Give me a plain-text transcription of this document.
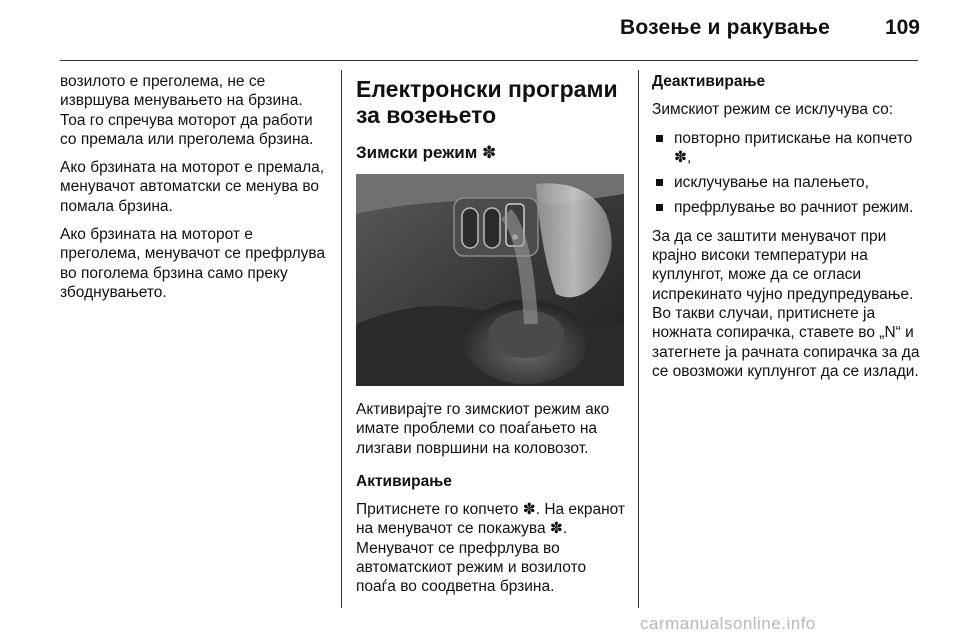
Возење и ракување	109

возилото е преголема, не се извршува менувањето на брзина. Тоа го спречува моторот да работи со премала или преголема брзина.

Ако брзината на моторот е премала, менувачот автоматски се менува во помала брзина.

Ако брзината на моторот е преголема, менувачот се префрлува во поголема брзина само преку збоднувањето.

Електронски програми за возењето
Зимски режим ✽
✽

Активирајте го зимскиот режим ако имате проблеми со поаѓањето на лизгави површини на коловозот.

Активирање

Притиснете го копчето ✽. На екранот на менувачот се покажува ✽. Менувачот се префрлува во автоматскиот режим и возилото поаѓа во соодветна брзина.

Деактивирање

Зимскиот режим се исклучува со:

повторно притискање на копчето ✽,
исклучување на палењето,
префрлување во рачниот режим.

За да се заштити менувачот при крајно високи температури на куплунгот, може да се огласи испрекинато чујно предупредување. Во такви случаи, притиснете ја ножната сопирачка, ставете во „N“ и затегнете ја рачната сопирачка за да се овозможи куплунгот да се излади.

carmanualsonline.info
